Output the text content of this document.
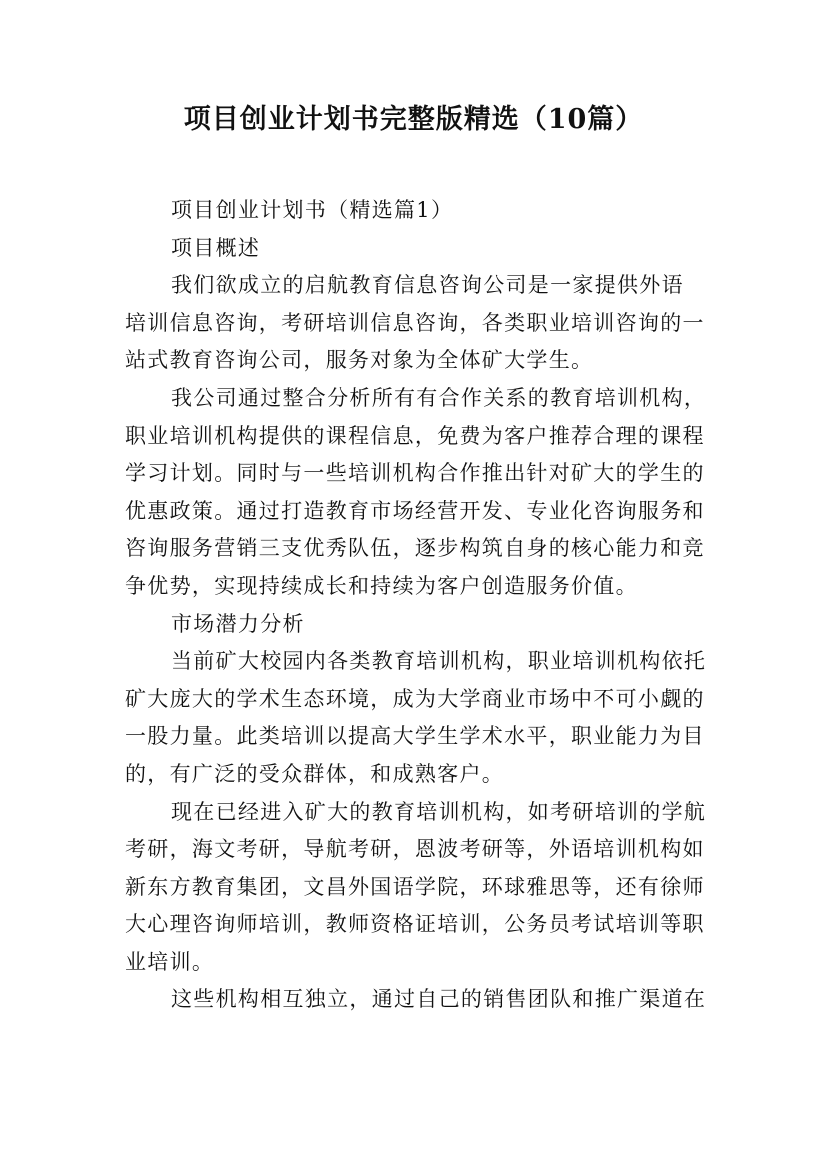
项目创业计划书完整版精选（10篇）
项目创业计划书（精选篇1）
项目概述
我们欲成立的启航教育信息咨询公司是一家提供外语
培训信息咨询，考研培训信息咨询，各类职业培训咨询的一
站式教育咨询公司，服务对象为全体矿大学生。
我公司通过整合分析所有有合作关系的教育培训机构，
职业培训机构提供的课程信息，免费为客户推荐合理的课程
学习计划。同时与一些培训机构合作推出针对矿大的学生的
优惠政策。通过打造教育市场经营开发、专业化咨询服务和
咨询服务营销三支优秀队伍，逐步构筑自身的核心能力和竞
争优势，实现持续成长和持续为客户创造服务价值。
市场潜力分析
当前矿大校园内各类教育培训机构，职业培训机构依托
矿大庞大的学术生态环境，成为大学商业市场中不可小觑的
一股力量。此类培训以提高大学生学术水平，职业能力为目
的，有广泛的受众群体，和成熟客户。
现在已经进入矿大的教育培训机构，如考研培训的学航
考研，海文考研，导航考研，恩波考研等，外语培训机构如
新东方教育集团，文昌外国语学院，环球雅思等，还有徐师
大心理咨询师培训，教师资格证培训，公务员考试培训等职
业培训。
这些机构相互独立，通过自己的销售团队和推广渠道在
